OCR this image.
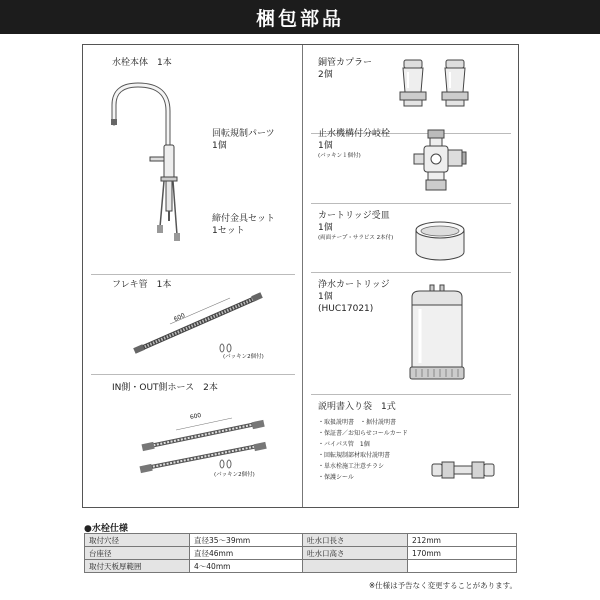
梱包部品
水栓本体　1本
回転規制パーツ
1個
締付金具セット
1セット
フレキ管　1本
600
(パッキン2個付)
IN側・OUT側ホース　2本
600
(パッキン2個付)
銅管カプラー
2個
止水機構付分岐栓
1個
(パッキン１個付)
カートリッジ受皿
1個
(両面テープ・サラビス 2本付)
浄水カートリッジ
1個
(HUC17021)
説明書入り袋　1式
・取扱説明書　・据付説明書
・保証書／お知らせコールカード
・バイパス管　1個
・回転規制部材取付説明書
・単水栓施工注意チラシ
・保護シール
●水栓仕様
取付穴径	直径35～39mm	吐水口長さ	212mm
台座径	直径46mm	吐水口高さ	170mm
取付天板厚範囲	4～40mm		
※仕様は予告なく変更することがあります。
